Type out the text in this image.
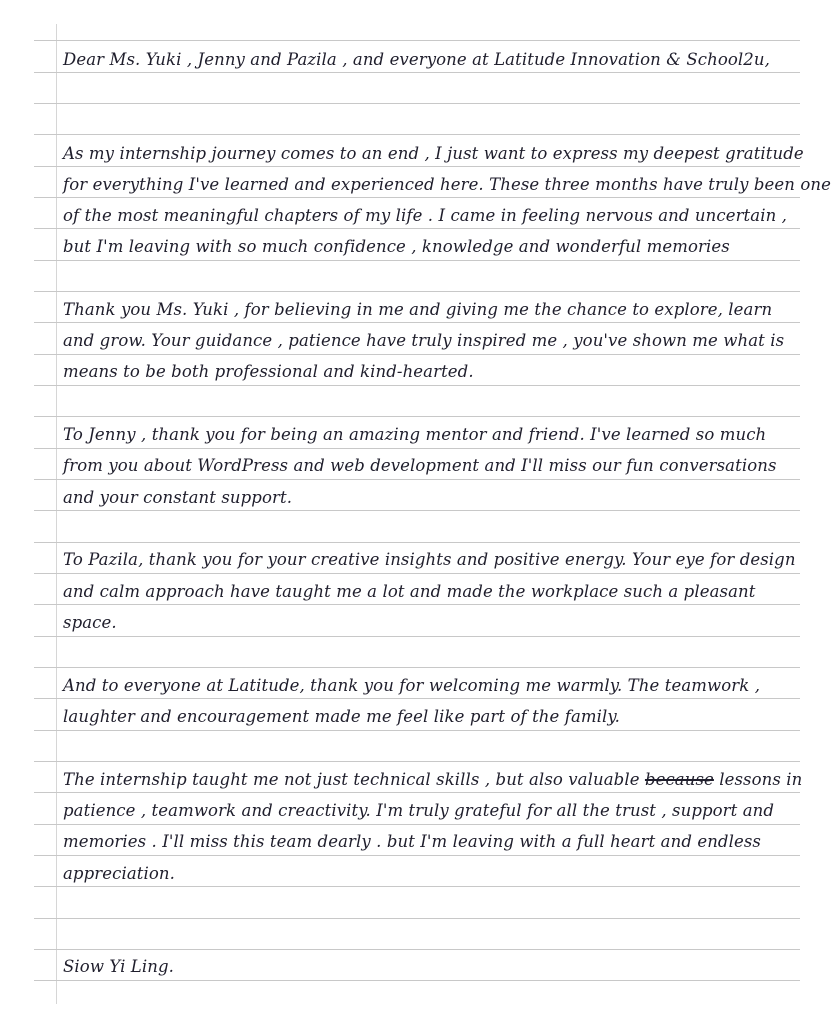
Dear Ms. Yuki , Jenny and Pazila , and everyone at Latitude Innovation & School2u,
As my internship journey comes to an end , I just want to express my deepest gratitude
for everything I've learned and experienced here. These three months have truly been one
of the most meaningful chapters of my life . I came in feeling nervous and uncertain ,
but I'm leaving with so much confidence , knowledge and wonderful memories
Thank you Ms. Yuki , for believing in me and giving me the chance to explore, learn
and grow. Your guidance , patience have truly inspired me , you've shown me what is
means to be both professional and kind-hearted.
To Jenny , thank you for being an amazing mentor and friend. I've learned so much
from you about WordPress and web development and I'll miss our fun conversations
and your constant support.
To Pazila, thank you for your creative insights and positive energy. Your eye for design
and calm approach have taught me a lot and made the workplace such a pleasant
space.
And to everyone at Latitude, thank you for welcoming me warmly. The teamwork ,
laughter and encouragement made me feel like part of the family.
The internship taught me not just technical skills , but also valuable because lessons in
patience , teamwork and creactivity. I'm truly grateful for all the trust , support and
memories . I'll miss this team dearly . but I'm leaving with a full heart and endless
appreciation.
Siow Yi Ling.
